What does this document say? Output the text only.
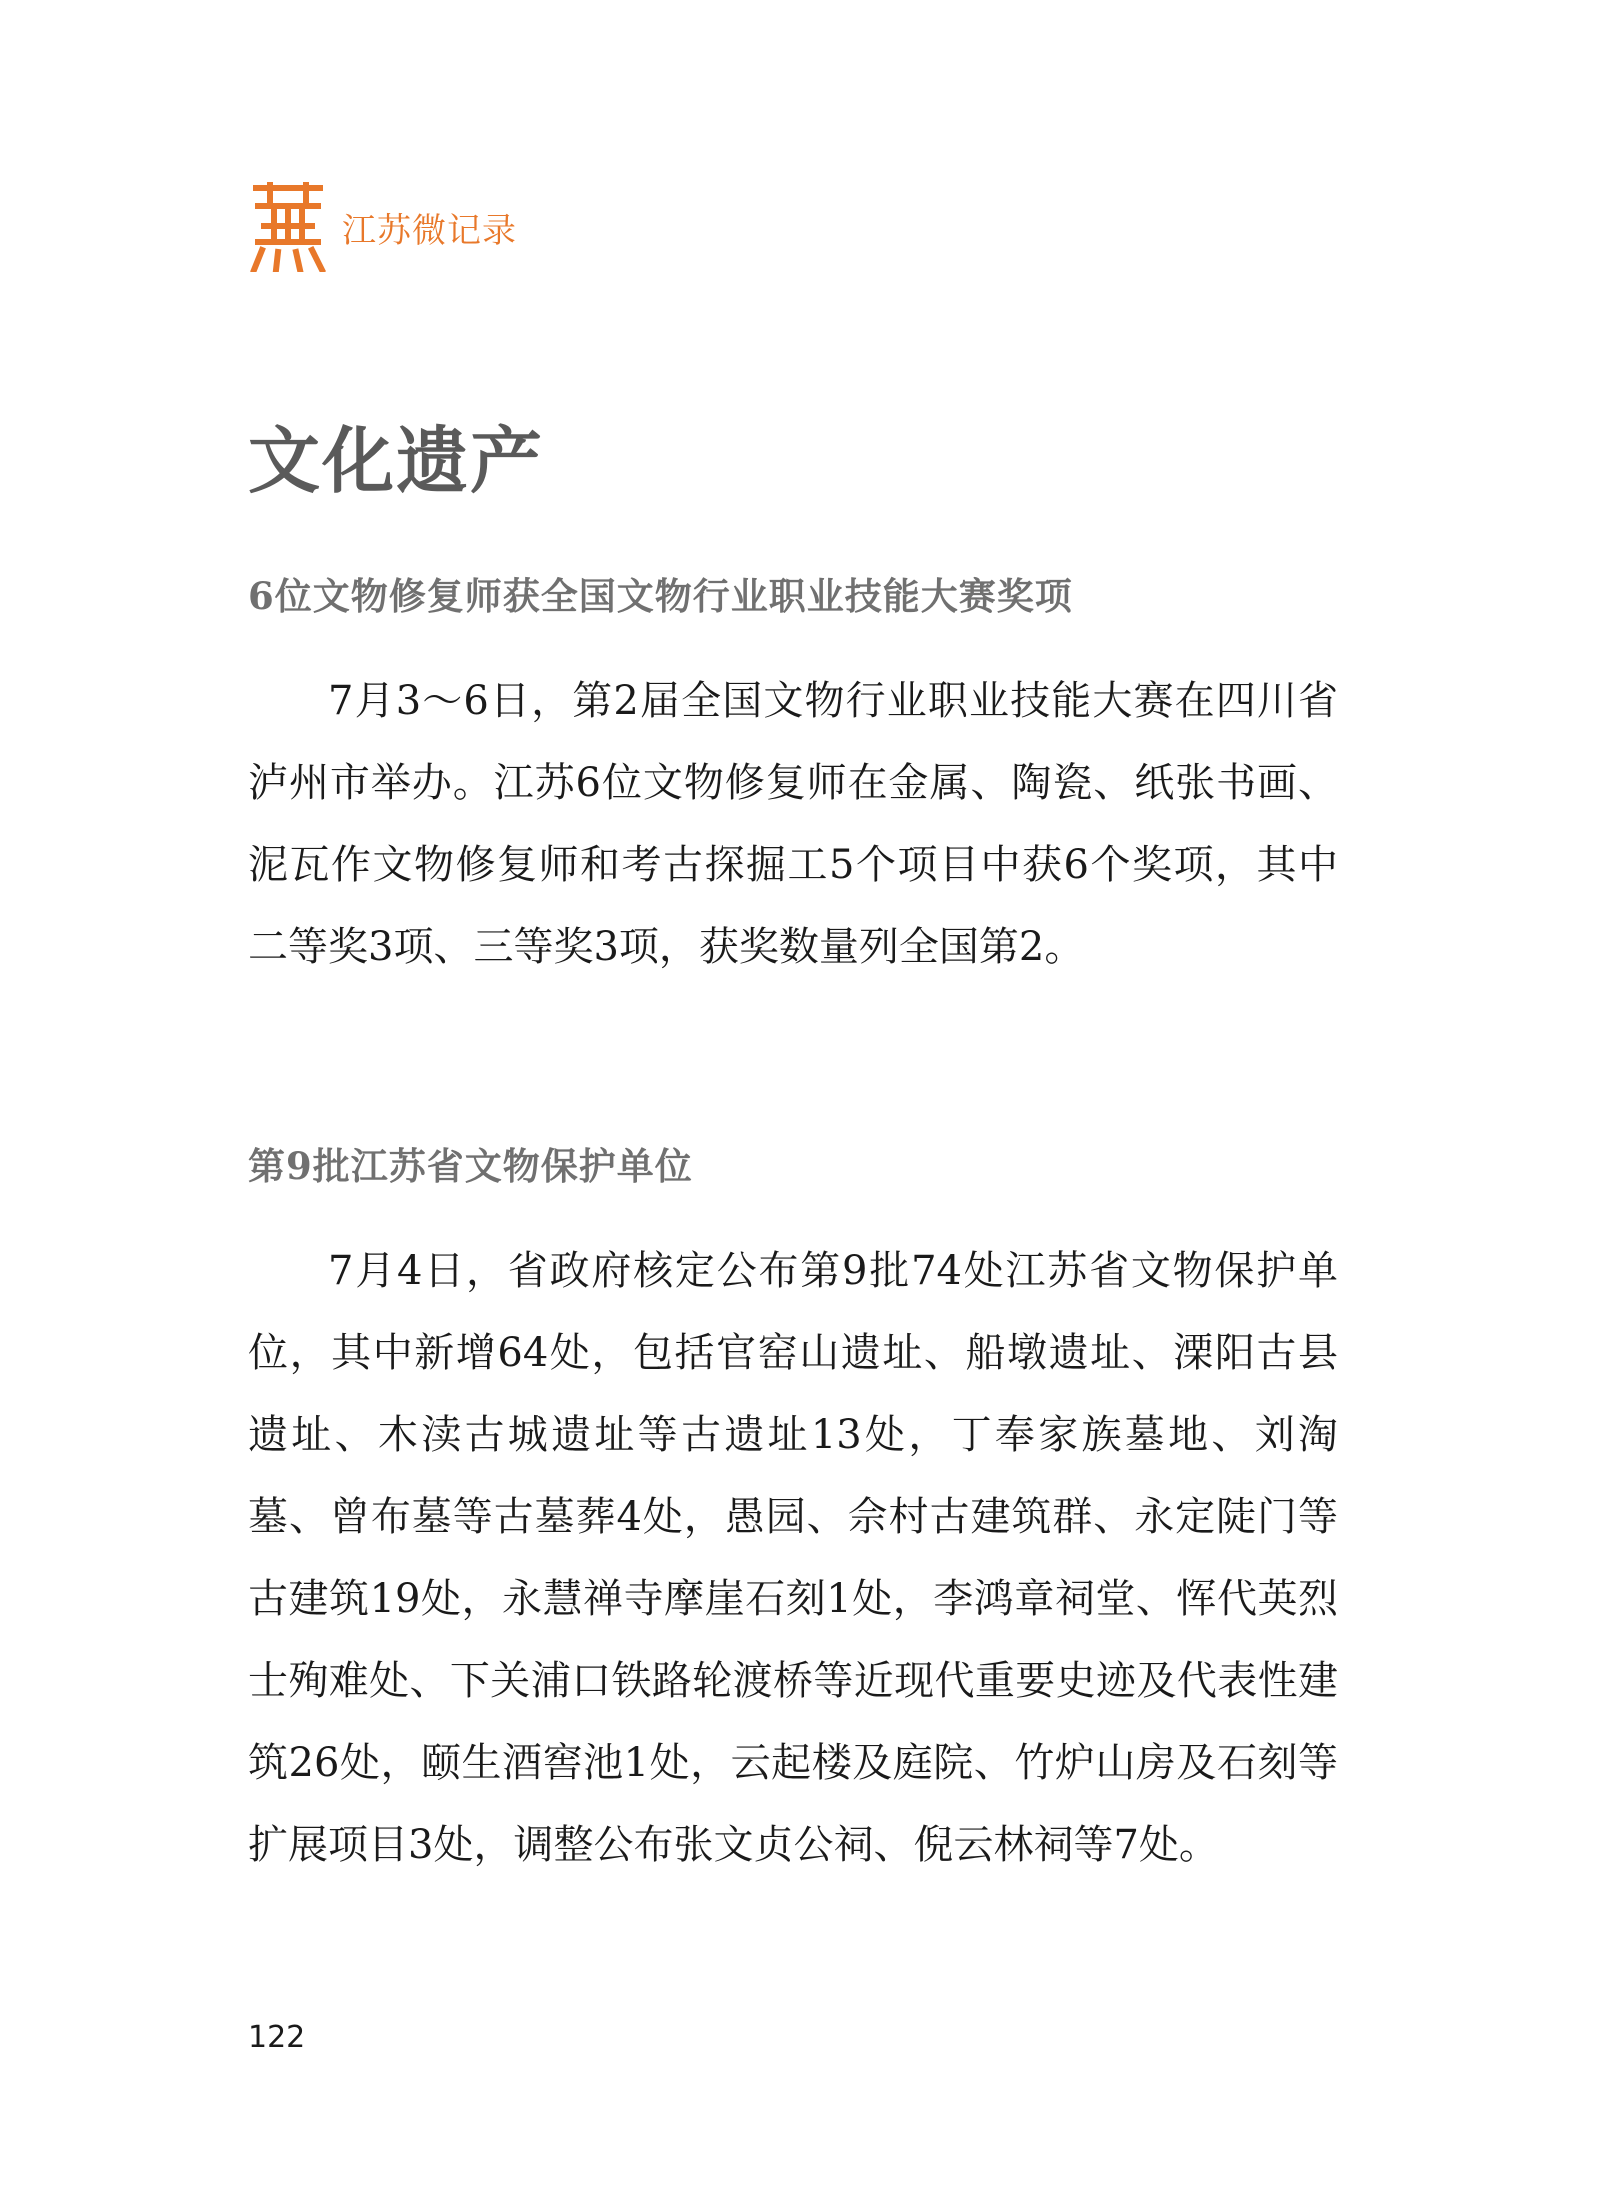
江苏微记录
文化遗产
6位文物修复师获全国文物行业职业技能大赛奖项

7月3～6日，第2届全国文物行业职业技能大赛在四川省泸州市举办。江苏6位文物修复师在金属、陶瓷、纸张书画、泥瓦作文物修复师和考古探掘工5个项目中获6个奖项，其中二等奖3项、三等奖3项，获奖数量列全国第2。

第9批江苏省文物保护单位

7月4日，省政府核定公布第9批74处江苏省文物保护单位，其中新增64处，包括官窑山遗址、船墩遗址、溧阳古县遗址、木渎古城遗址等古遗址13处，丁奉家族墓地、刘淘墓、曾布墓等古墓葬4处，愚园、佘村古建筑群、永定陡门等古建筑19处，永慧禅寺摩崖石刻1处，李鸿章祠堂、恽代英烈士殉难处、下关浦口铁路轮渡桥等近现代重要史迹及代表性建筑26处，颐生酒窖池1处，云起楼及庭院、竹炉山房及石刻等扩展项目3处，调整公布张文贞公祠、倪云林祠等7处。

122
